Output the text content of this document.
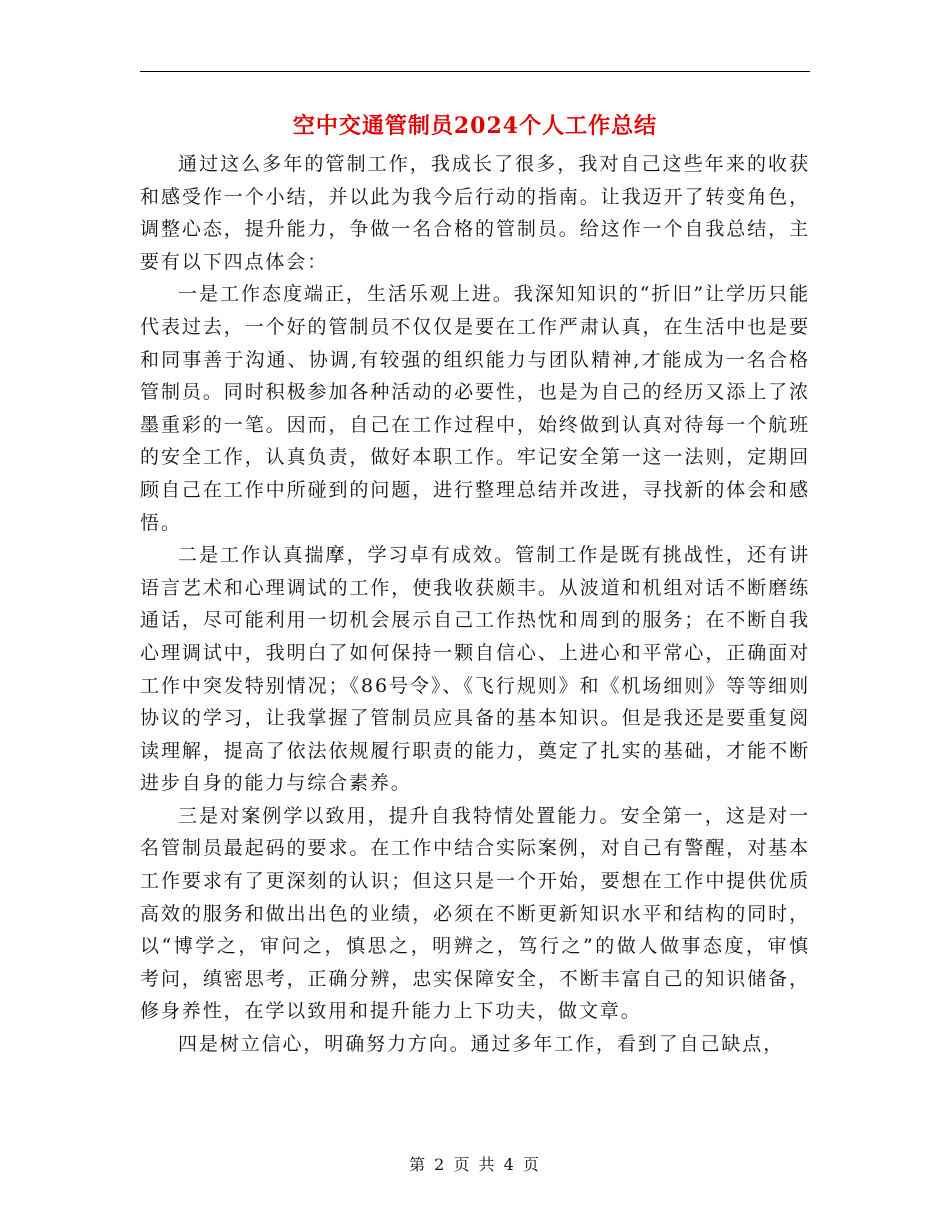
空中交通管制员2024个人工作总结

通过这么多年的管制工作，我成长了很多，我对自己这些年来的收获和感受作一个小结，并以此为我今后行动的指南。让我迈开了转变角色，调整心态，提升能力，争做一名合格的管制员。给这作一个自我总结，主要有以下四点体会：

一是工作态度端正，生活乐观上进。我深知知识的“折旧”让学历只能代表过去，一个好的管制员不仅仅是要在工作严肃认真，在生活中也是要和同事善于沟通、协调,有较强的组织能力与团队精神,才能成为一名合格管制员。同时积极参加各种活动的必要性，也是为自己的经历又添上了浓墨重彩的一笔。因而，自己在工作过程中，始终做到认真对待每一个航班的安全工作，认真负责，做好本职工作。牢记安全第一这一法则，定期回顾自己在工作中所碰到的问题，进行整理总结并改进，寻找新的体会和感悟。

二是工作认真揣摩，学习卓有成效。管制工作是既有挑战性，还有讲语言艺术和心理调试的工作，使我收获颇丰。从波道和机组对话不断磨练通话，尽可能利用一切机会展示自己工作热忱和周到的服务；在不断自我心理调试中，我明白了如何保持一颗自信心、上进心和平常心，正确面对工作中突发特别情况；《86号令》、《飞行规则》和《机场细则》等等细则协议的学习，让我掌握了管制员应具备的基本知识。但是我还是要重复阅读理解，提高了依法依规履行职责的能力，奠定了扎实的基础，才能不断进步自身的能力与综合素养。

三是对案例学以致用，提升自我特情处置能力。安全第一，这是对一名管制员最起码的要求。在工作中结合实际案例，对自己有警醒，对基本工作要求有了更深刻的认识；但这只是一个开始，要想在工作中提供优质高效的服务和做出出色的业绩，必须在不断更新知识水平和结构的同时，以“博学之，审问之，慎思之，明辨之，笃行之”的做人做事态度，审慎考问，缜密思考，正确分辨，忠实保障安全，不断丰富自己的知识储备，修身养性，在学以致用和提升能力上下功夫，做文章。

四是树立信心，明确努力方向。通过多年工作，看到了自己缺点，

第 2 页 共 4 页
